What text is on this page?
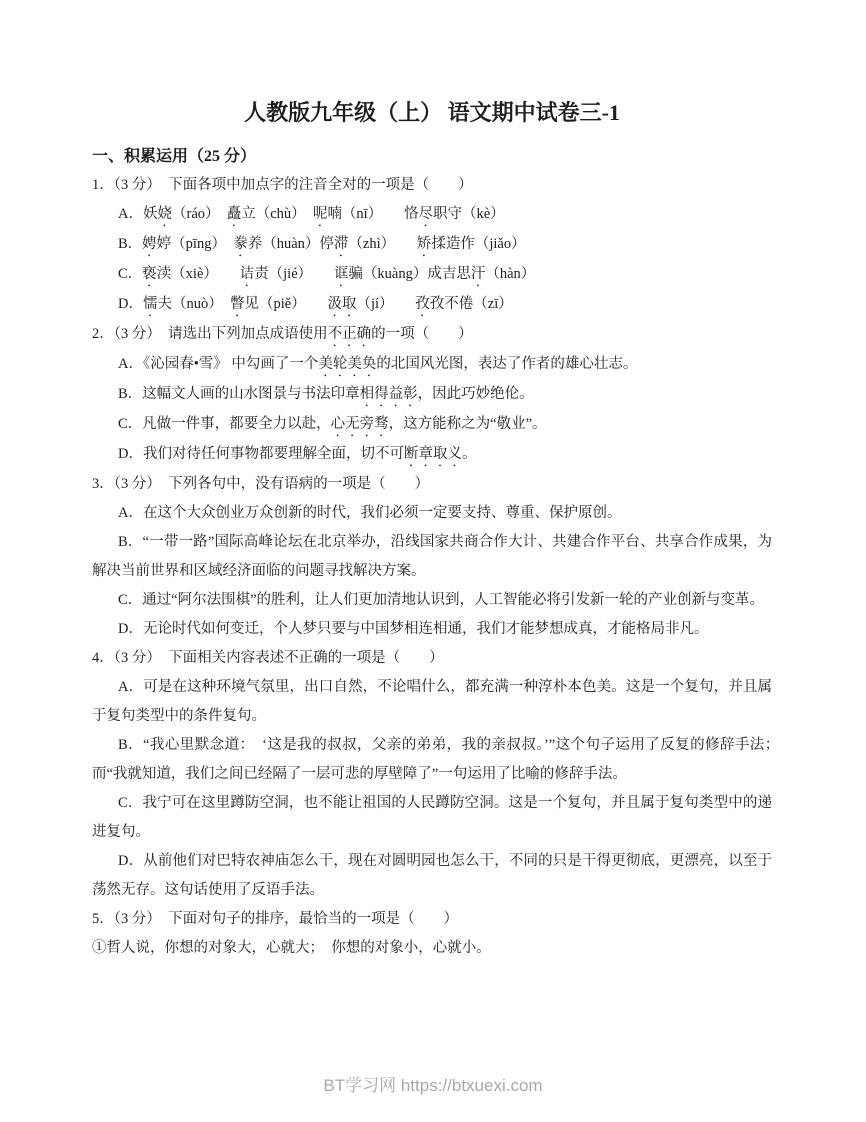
人教版九年级（上） 语文期中试卷三-1
一、积累运用（25 分）

1．（3 分）　下面各项中加点字的注音全对的一项是（　　）

A．妖娆（ráo）　矗立（chù）　呢喃（nī）　　恪尽职守（kè）

B．娉婷（pīng）　豢养（huàn）停滞（zhì）　　矫揉造作（jiǎo）

C．亵渎（xiè）　　诘责（jié）　　诓骗（kuàng）成吉思汗（hàn）

D．懦夫（nuò）　瞥见（piě）　　汲取（jí）　　孜孜不倦（zī）

2．（3 分）　请选出下列加点成语使用不正确的一项（　　）

A．《沁园春•雪》 中勾画了一个美轮美奂的北国风光图，表达了作者的雄心壮志。

B．这幅文人画的山水图景与书法印章相得益彰，因此巧妙绝伦。

C．凡做一件事，都要全力以赴，心无旁骛，这方能称之为“敬业”。

D．我们对待任何事物都要理解全面，切不可断章取义。

3．（3 分）　下列各句中，没有语病的一项是（　　）

A．在这个大众创业万众创新的时代，我们必须一定要支持、尊重、保护原创。

B．“一带一路”国际高峰论坛在北京举办，沿线国家共商合作大计、共建合作平台、共享合作成果，为解决当前世界和区域经济面临的问题寻找解决方案。

C．通过“阿尔法围棋”的胜利，让人们更加清地认识到，人工智能必将引发新一轮的产业创新与变革。

D．无论时代如何变迁，个人梦只要与中国梦相连相通，我们才能梦想成真，才能格局非凡。

4．（3 分）　下面相关内容表述不正确的一项是（　　）

A．可是在这种环境气氛里，出口自然，不论唱什么，都充满一种淳朴本色美。这是一个复句，并且属于复句类型中的条件复句。

B．“我心里默念道：　‘这是我的叔叔，父亲的弟弟，我的亲叔叔。’”这个句子运用了反复的修辞手法；　而“我就知道，我们之间已经隔了一层可悲的厚壁障了”一句运用了比喻的修辞手法。

C．我宁可在这里蹲防空洞，也不能让祖国的人民蹲防空洞。这是一个复句，并且属于复句类型中的递进复句。

D．从前他们对巴特农神庙怎么干，现在对圆明园也怎么干，不同的只是干得更彻底，更漂亮，以至于荡然无存。这句话使用了反语手法。

5．（3 分）　下面对句子的排序，最恰当的一项是（　　）

①哲人说，你想的对象大，心就大；　你想的对象小，心就小。

BT学习网 https://btxuexi.com
